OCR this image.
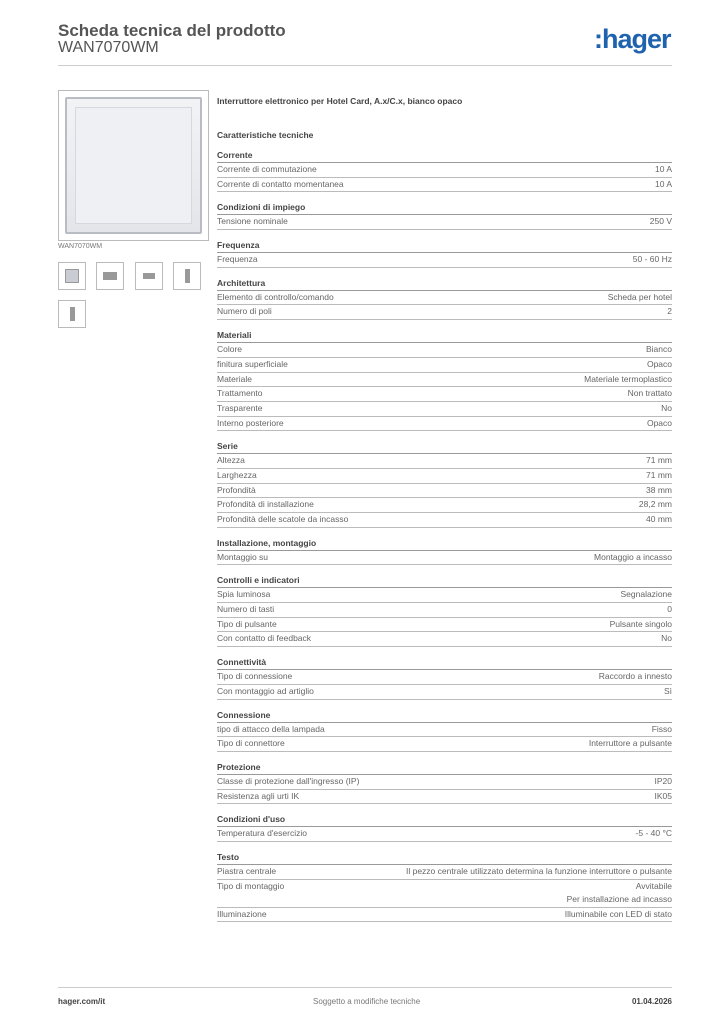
Scheda tecnica del prodotto
WAN7070WM	:hager
WAN7070WM
Interruttore elettronico per Hotel Card, A.x/C.x, bianco opaco
Caratteristiche tecniche
Corrente
Corrente di commutazione	10 A
Corrente di contatto momentanea	10 A
Condizioni di impiego
Tensione nominale	250 V
Frequenza
Frequenza	50 - 60 Hz
Architettura
Elemento di controllo/comando	Scheda per hotel
Numero di poli	2
Materiali
Colore	Bianco
finitura superficiale	Opaco
Materiale	Materiale termoplastico
Trattamento	Non trattato
Trasparente	No
Interno posteriore	Opaco
Serie
Altezza	71 mm
Larghezza	71 mm
Profondità	38 mm
Profondità di installazione	28,2 mm
Profondità delle scatole da incasso	40 mm
Installazione, montaggio
Montaggio su	Montaggio a incasso
Controlli e indicatori
Spia luminosa	Segnalazione
Numero di tasti	0
Tipo di pulsante	Pulsante singolo
Con contatto di feedback	No
Connettività
Tipo di connessione	Raccordo a innesto
Con montaggio ad artiglio	Sì
Connessione
tipo di attacco della lampada	Fisso
Tipo di connettore	Interruttore a pulsante
Protezione
Classe di protezione dall'ingresso (IP)	IP20
Resistenza agli urti IK	IK05
Condizioni d'uso
Temperatura d'esercizio	-5 - 40 °C
Testo
Piastra centrale	Il pezzo centrale utilizzato determina la funzione interruttore o pulsante
Tipo di montaggio	Avvitabile
Per installazione ad incasso
Illuminazione	Illuminabile con LED di stato
hager.com/it	Soggetto a modifiche tecniche	01.04.2026
